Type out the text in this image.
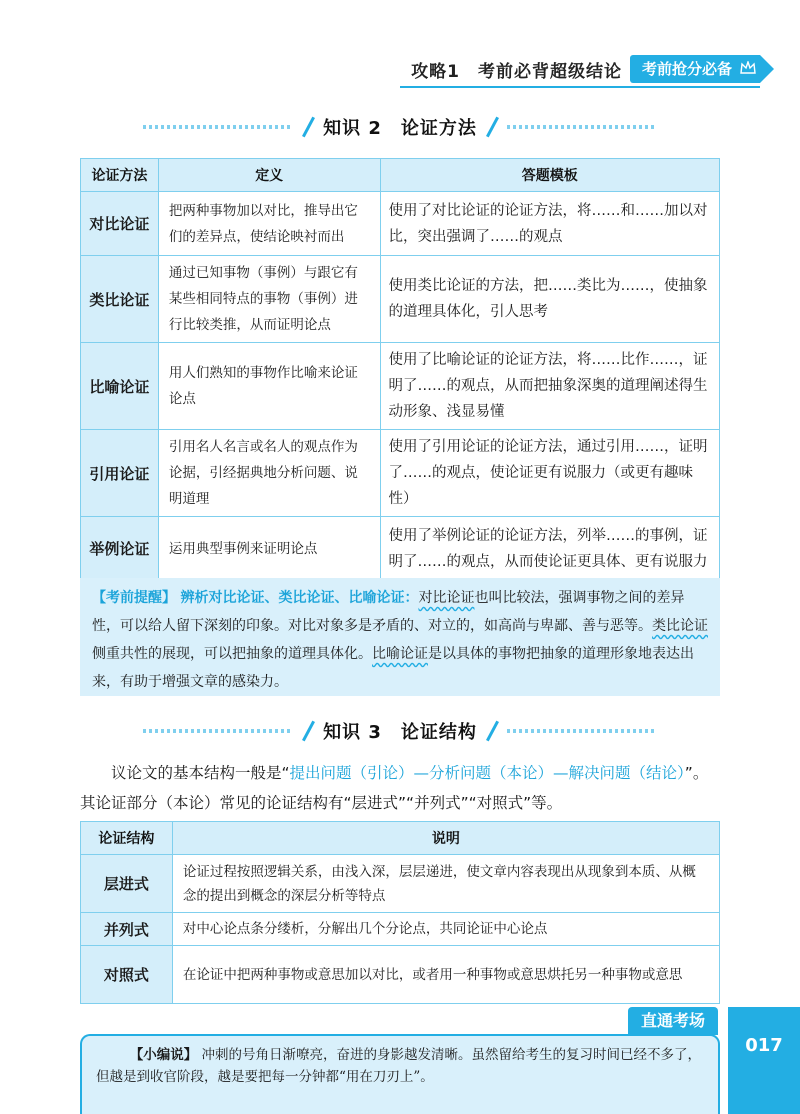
攻略1　考前必背超级结论	考前抢分必备
知识 2　论证方法
论证方法	定义	答题模板
对比论证	把两种事物加以对比，推导出它们的差异点，使结论映衬而出	使用了对比论证的论证方法，将……和……加以对比，突出强调了……的观点
类比论证	通过已知事物（事例）与跟它有某些相同特点的事物（事例）进行比较类推，从而证明论点	使用类比论证的方法，把……类比为……，使抽象的道理具体化，引人思考
比喻论证	用人们熟知的事物作比喻来论证论点	使用了比喻论证的论证方法，将……比作……，证明了……的观点，从而把抽象深奥的道理阐述得生动形象、浅显易懂
引用论证	引用名人名言或名人的观点作为论据，引经据典地分析问题、说明道理	使用了引用论证的论证方法，通过引用……，证明了……的观点，使论证更有说服力（或更有趣味性）
举例论证	运用典型事例来证明论点	使用了举例论证的论证方法，列举……的事例，证明了……的观点，从而使论证更具体、更有说服力
【考前提醒】 辨析对比论证、类比论证、比喻论证：对比论证也叫比较法，强调事物之间的差异性，可以给人留下深刻的印象。对比对象多是矛盾的、对立的，如高尚与卑鄙、善与恶等。类比论证侧重共性的展现，可以把抽象的道理具体化。比喻论证是以具体的事物把抽象的道理形象地表达出来，有助于增强文章的感染力。
知识 3　论证结构
议论文的基本结构一般是“提出问题（引论）—分析问题（本论）—解决问题（结论）”。其论证部分（本论）常见的论证结构有“层进式”“并列式”“对照式”等。
论证结构	说明
层进式	论证过程按照逻辑关系，由浅入深，层层递进，使文章内容表现出从现象到本质、从概念的提出到概念的深层分析等特点
并列式	对中心论点条分缕析，分解出几个分论点，共同论证中心论点
对照式	在论证中把两种事物或意思加以对比，或者用一种事物或意思烘托另一种事物或意思
直通考场
【小编说】 冲刺的号角日渐嘹亮，奋进的身影越发清晰。虽然留给考生的复习时间已经不多了，但越是到收官阶段，越是要把每一分钟都“用在刀刃上”。
017
